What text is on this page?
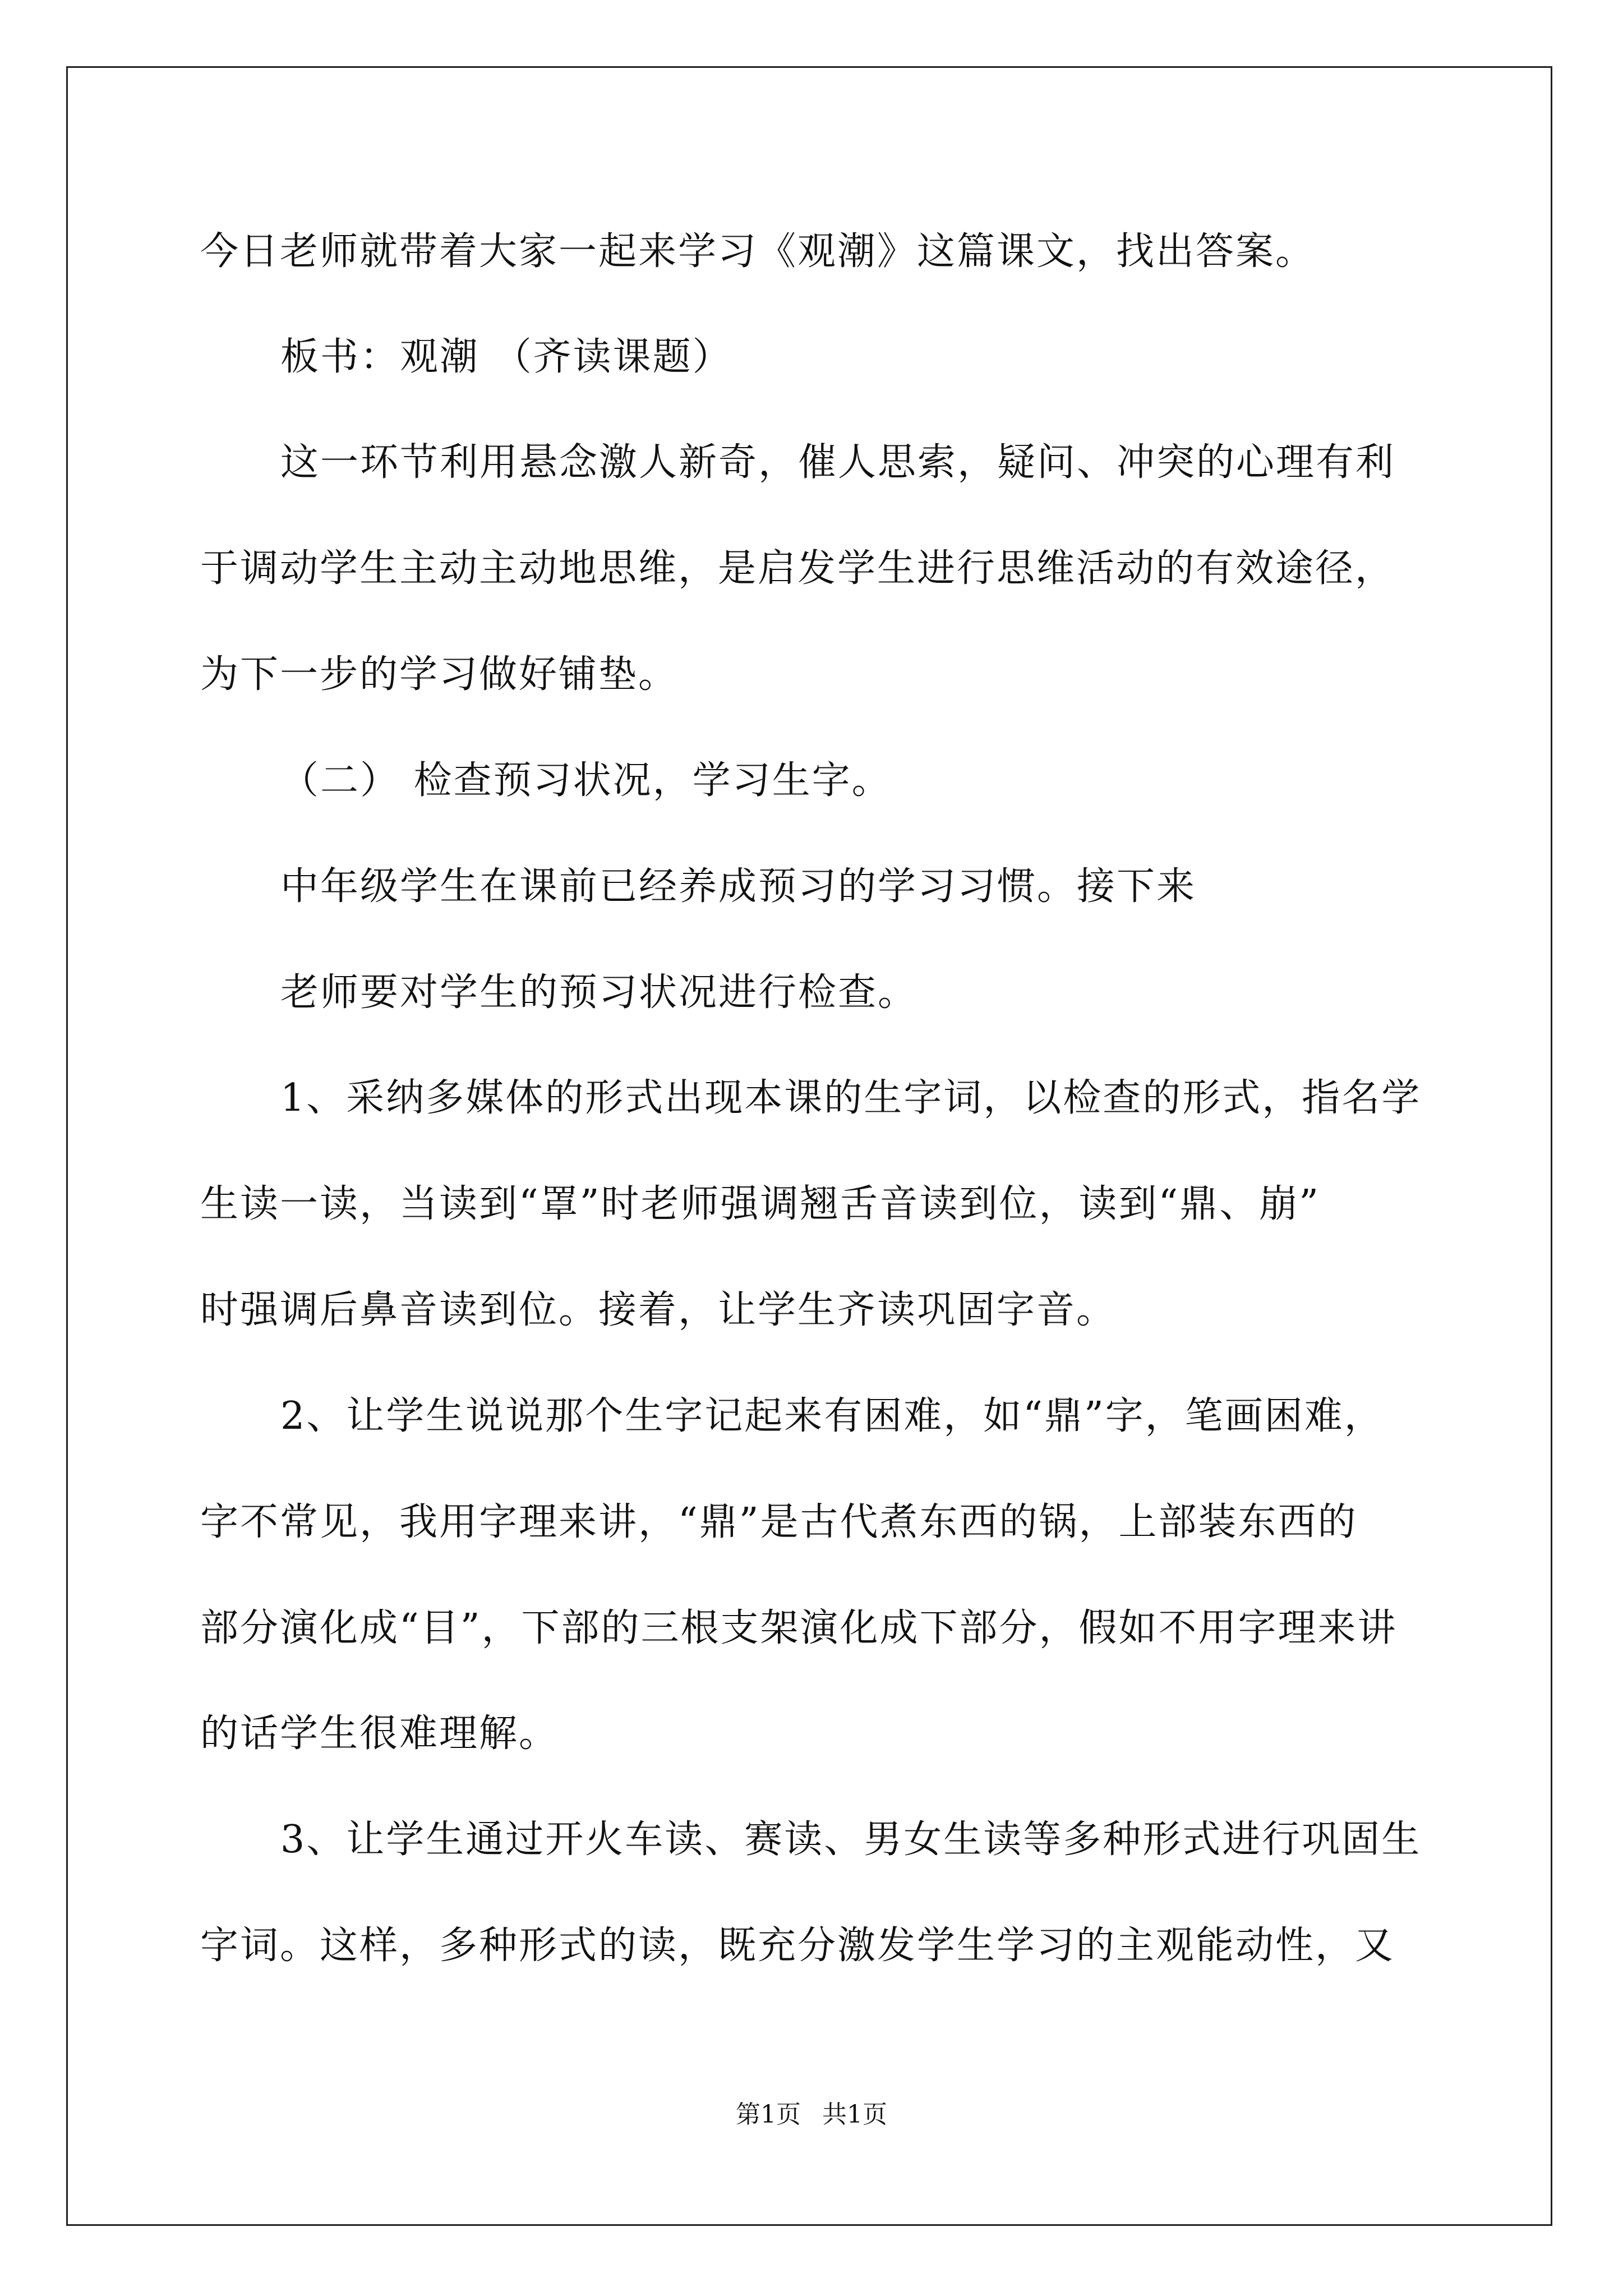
今日老师就带着大家一起来学习《观潮》这篇课文，找出答案。
板书：观潮 （齐读课题）
这一环节利用悬念激人新奇，催人思索，疑问、冲突的心理有利
于调动学生主动主动地思维，是启发学生进行思维活动的有效途径，
为下一步的学习做好铺垫。
（二） 检查预习状况，学习生字。
中年级学生在课前已经养成预习的学习习惯。接下来
老师要对学生的预习状况进行检查。
1、采纳多媒体的形式出现本课的生字词，以检查的形式，指名学
生读一读，当读到“罩”时老师强调翘舌音读到位，读到“鼎、崩”
时强调后鼻音读到位。接着，让学生齐读巩固字音。
2、让学生说说那个生字记起来有困难，如“鼎”字，笔画困难，
字不常见，我用字理来讲，“鼎”是古代煮东西的锅，上部装东西的
部分演化成“目”，下部的三根支架演化成下部分，假如不用字理来讲
的话学生很难理解。
3、让学生通过开火车读、赛读、男女生读等多种形式进行巩固生
字词。这样，多种形式的读，既充分激发学生学习的主观能动性，又
第1页 共1页
